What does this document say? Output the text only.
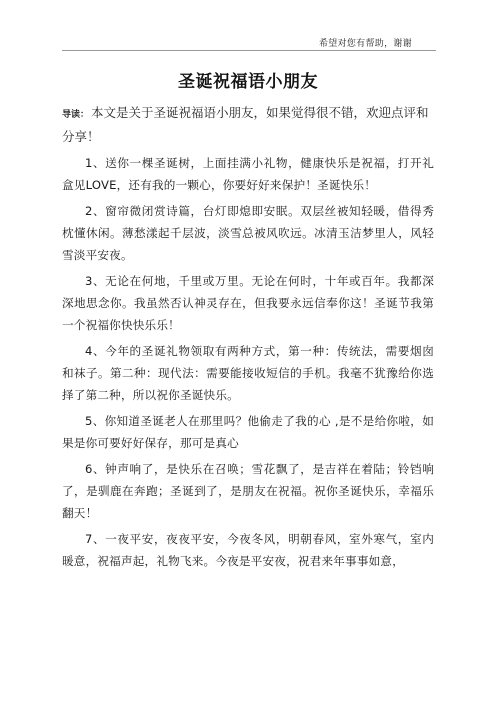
希望对您有帮助，谢谢
圣诞祝福语小朋友
导读： 本文是关于圣诞祝福语小朋友，如果觉得很不错，欢迎点评和分享！

1、送你一棵圣诞树，上面挂满小礼物，健康快乐是祝福，打开礼盒见LOVE，还有我的一颗心，你要好好来保护！圣诞快乐！

2、窗帘微闭赏诗篇，台灯即熄即安眠。双层丝被知轻暖，借得秀枕懂休闲。薄愁漾起千层波，淡雪总被风吹远。冰清玉洁梦里人，风轻雪淡平安夜。

3、无论在何地，千里或万里。无论在何时，十年或百年。我都深深地思念你。我虽然否认神灵存在，但我要永远信奉你这！圣诞节我第一个祝福你快快乐乐！

4、今年的圣诞礼物领取有两种方式，第一种：传统法，需要烟囱和袜子。第二种：现代法：需要能接收短信的手机。我毫不犹豫给你选择了第二种，所以祝你圣诞快乐。

5、你知道圣诞老人在那里吗？他偷走了我的心 ,是不是给你啦，如果是你可要好好保存，那可是真心

6、钟声响了，是快乐在召唤；雪花飘了，是吉祥在着陆；铃铛响了，是驯鹿在奔跑；圣诞到了，是朋友在祝福。祝你圣诞快乐，幸福乐翻天！

7、一夜平安，夜夜平安，今夜冬风，明朝春风，室外寒气，室内暖意，祝福声起，礼物飞来。今夜是平安夜，祝君来年事事如意，
